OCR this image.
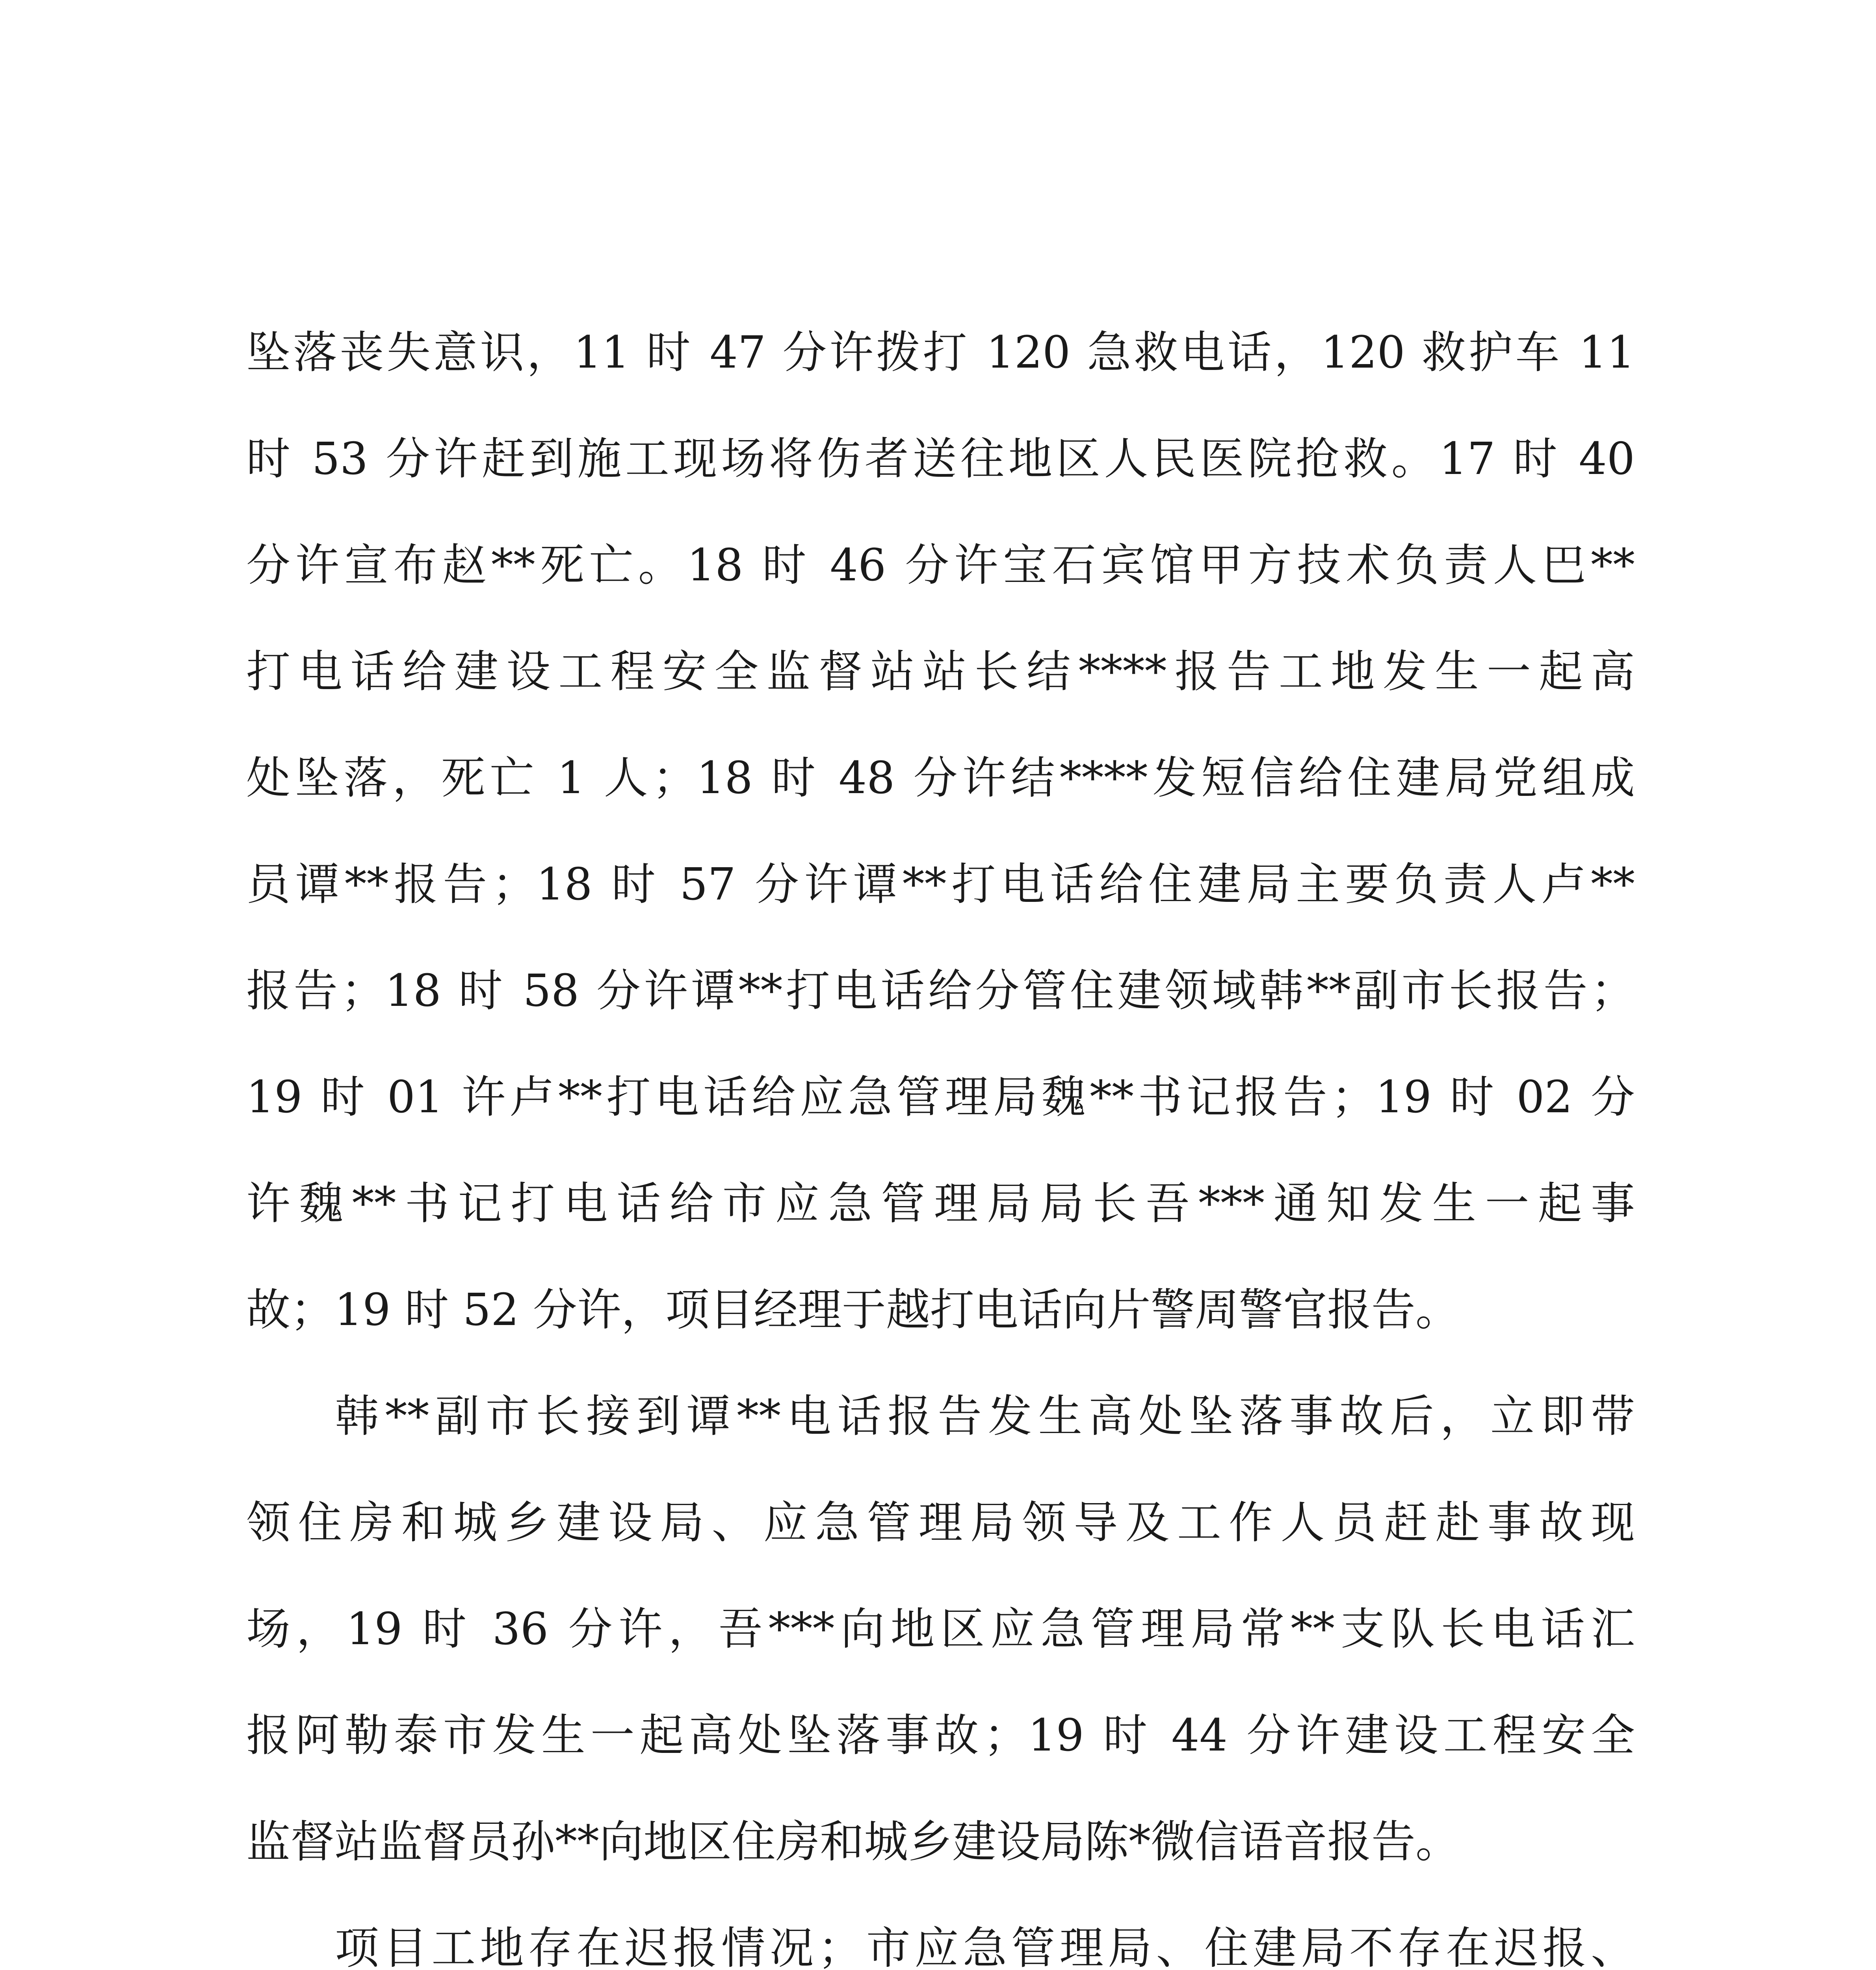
坠落丧失意识，11 时 47 分许拨打 120 急救电话，120 救护车 11
时 53 分许赶到施工现场将伤者送往地区人民医院抢救。17 时 40
分许宣布赵**死亡。18 时 46 分许宝石宾馆甲方技术负责人巴**
打电话给建设工程安全监督站站长结****报告工地发生一起高
处坠落，死亡 1 人；18 时 48 分许结****发短信给住建局党组成
员谭**报告；18 时 57 分许谭**打电话给住建局主要负责人卢**
报告；18 时 58 分许谭**打电话给分管住建领域韩**副市长报告；
19 时 01 许卢**打电话给应急管理局魏**书记报告；19 时 02 分
许魏**书记打电话给市应急管理局局长吾***通知发生一起事
故；19 时 52 分许，项目经理于越打电话向片警周警官报告。
韩**副市长接到谭**电话报告发生高处坠落事故后，立即带
领住房和城乡建设局、应急管理局领导及工作人员赶赴事故现
场，19 时 36 分许，吾***向地区应急管理局常**支队长电话汇
报阿勒泰市发生一起高处坠落事故；19 时 44 分许建设工程安全
监督站监督员孙**向地区住房和城乡建设局陈*微信语音报告。
项目工地存在迟报情况；市应急管理局、住建局不存在迟报、
